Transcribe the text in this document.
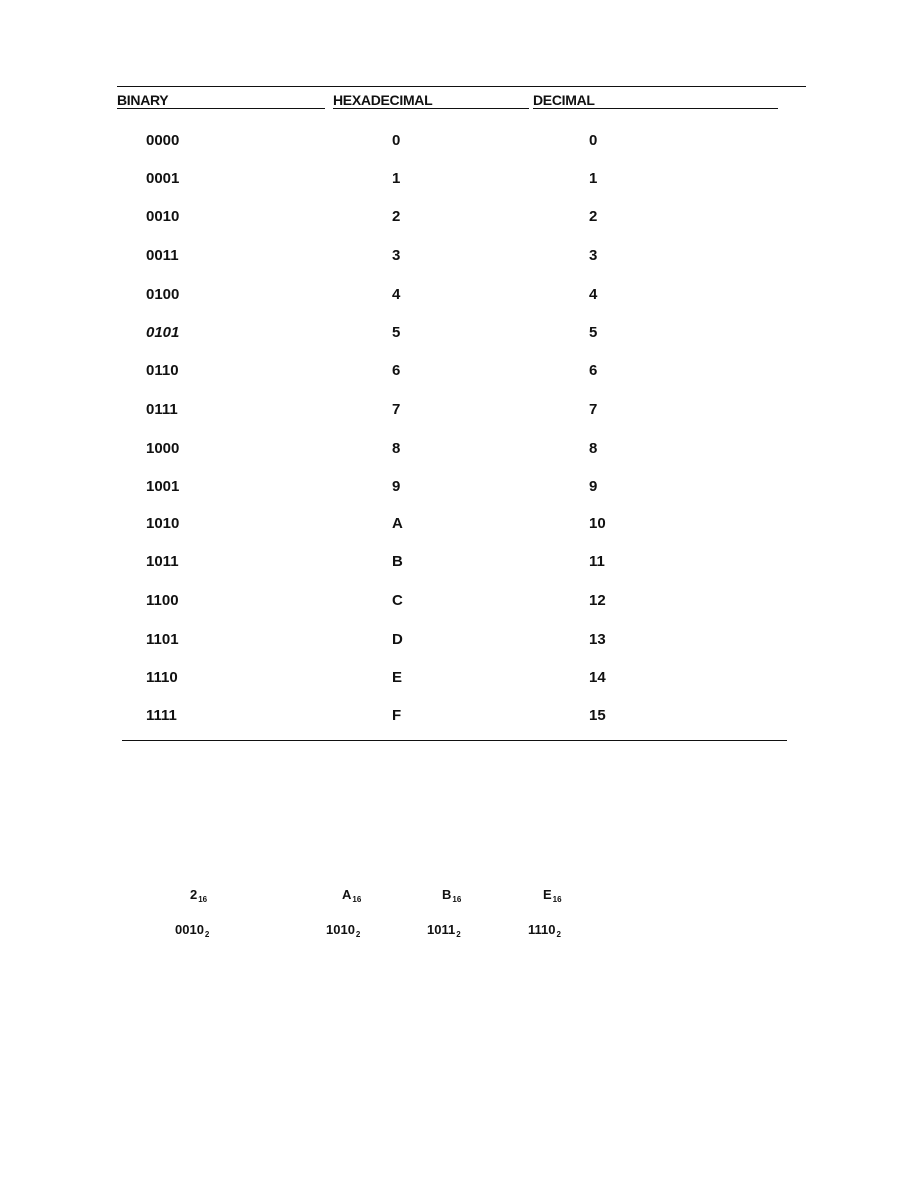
BINARY	HEXADECIMAL	DECIMAL
0000	0	0
0001	1	1
0010	2	2
0011	3	3
0100	4	4
0101	5	5
0110	6	6
0111	7	7
1000	8	8
1001	9	9
1010	A	10
1011	B	11
1100	C	12
1101	D	13
1110	E	14
1111	F	15
$2_{16}$	$A_{16}$	$B_{16}$	$E_{16}$
$0010_2$	$1010_2$	$1011_2$	$1110_2$
